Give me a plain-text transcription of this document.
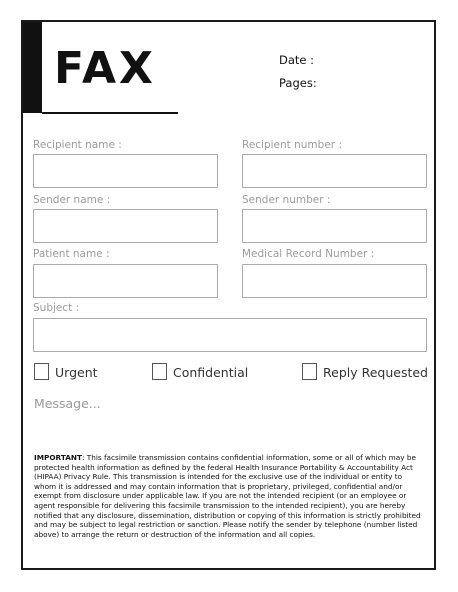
FAX	Date :
Pages:
Recipient name :	Recipient number :
Sender name :	Sender number :
Patient name :	Medical Record Number :
Subject :
Urgent	Confidential	Reply Requested
Message...
IMPORTANT: This facsimile transmission contains confidential information, some or all of which may be protected health information as defined by the federal Health Insurance Portability & Accountability Act (HIPAA) Privacy Rule. This transmission is intended for the exclusive use of the individual or entity to whom it is addressed and may contain information that is proprietary, privileged, confidential and/or exempt from disclosure under applicable law. If you are not the intended recipient (or an employee or agent responsible for delivering this facsimile transmission to the intended recipient), you are hereby notified that any disclosure, dissemination, distribution or copying of this information is strictly prohibited and may be subject to legal restriction or sanction. Please notify the sender by telephone (number listed above) to arrange the return or destruction of the information and all copies.
